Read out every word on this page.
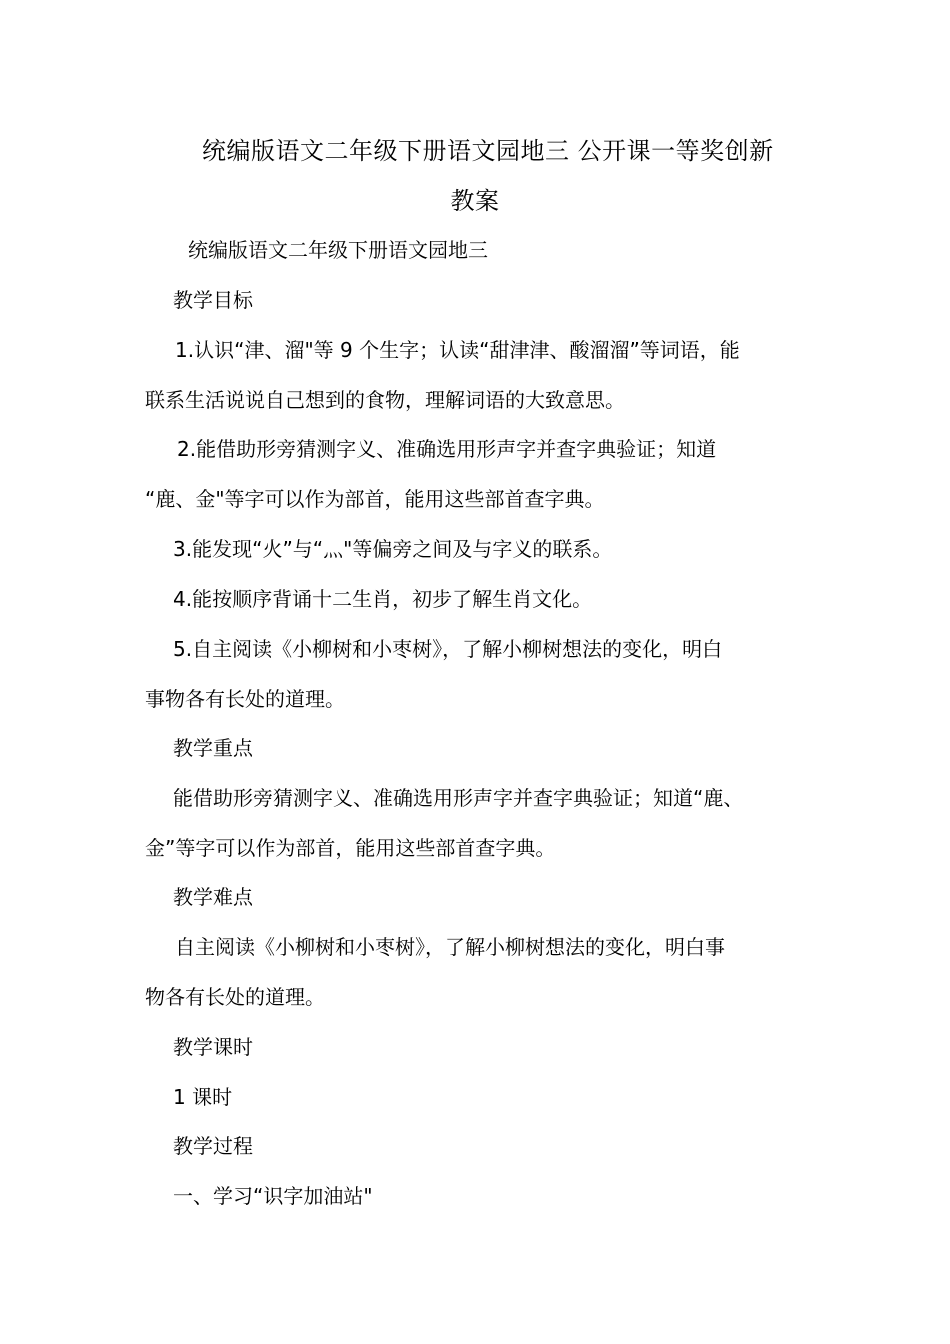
统编版语文二年级下册语文园地三 公开课一等奖创新
教案
统编版语文二年级下册语文园地三
教学目标
1.认识“津、溜"等 9 个生字；认读“甜津津、酸溜溜”等词语，能
联系生活说说自己想到的食物，理解词语的大致意思。
2.能借助形旁猜测字义、准确选用形声字并查字典验证；知道
“鹿、金"等字可以作为部首，能用这些部首查字典。
3.能发现“火”与“灬"等偏旁之间及与字义的联系。
4.能按顺序背诵十二生肖，初步了解生肖文化。
5.自主阅读《小柳树和小枣树》，了解小柳树想法的变化，明白
事物各有长处的道理。
教学重点
能借助形旁猜测字义、准确选用形声字并查字典验证；知道“鹿、
金”等字可以作为部首，能用这些部首查字典。
教学难点
自主阅读《小柳树和小枣树》，了解小柳树想法的变化，明白事
物各有长处的道理。
教学课时
1 课时
教学过程
一、学习“识字加油站"
